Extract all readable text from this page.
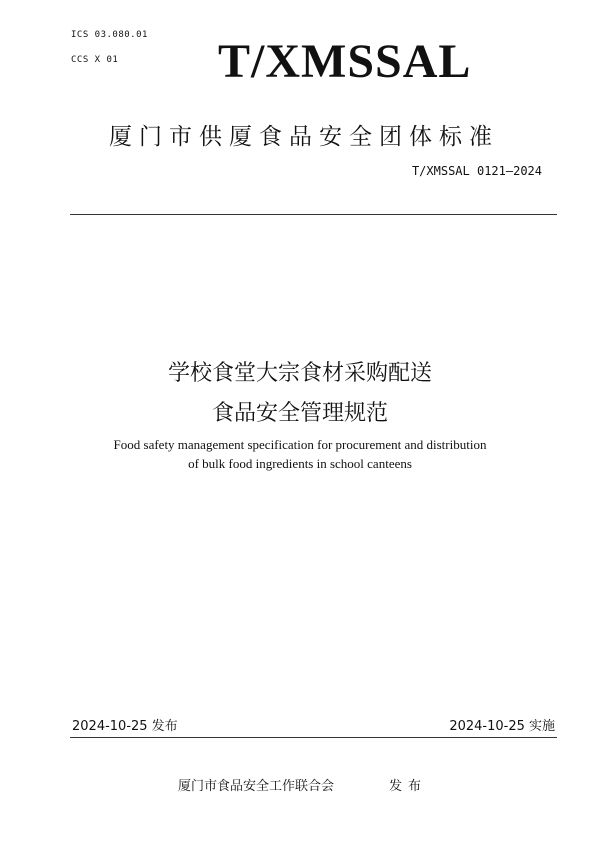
ICS 03.080.01
CCS X 01 T/XMSSAL
厦门市供厦食品安全团体标准
T/XMSSAL 0121—2024
学校食堂大宗食材采购配送
食品安全管理规范
Food safety management specification for procurement and distribution
of bulk food ingredients in school canteens
2024-10-25 发布	2024-10-25 实施
厦门市食品安全工作联合会	发布
